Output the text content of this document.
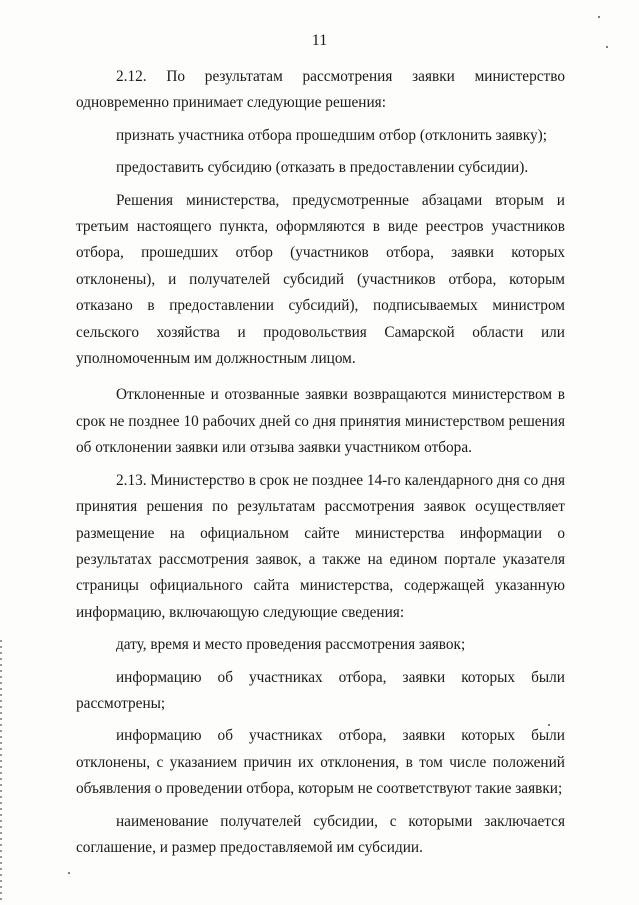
11

2.12. По результатам рассмотрения заявки министерство одновременно принимает следующие решения:

признать участника отбора прошедшим отбор (отклонить заявку);

предоставить субсидию (отказать в предоставлении субсидии).

Решения министерства, предусмотренные абзацами вторым и третьим настоящего пункта, оформляются в виде реестров участников отбора, прошедших отбор (участников отбора, заявки которых отклонены), и получателей субсидий (участников отбора, которым отказано в предоставлении субсидий), подписываемых министром сельского хозяйства и продовольствия Самарской области или уполномоченным им должностным лицом.

Отклоненные и отозванные заявки возвращаются министерством в срок не позднее 10 рабочих дней со дня принятия министерством решения об отклонении заявки или отзыва заявки участником отбора.

2.13. Министерство в срок не позднее 14-го календарного дня со дня принятия решения по результатам рассмотрения заявок осуществляет размещение на официальном сайте министерства информации о результатах рассмотрения заявок, а также на едином портале указателя страницы официального сайта министерства, содержащей указанную информацию, включающую следующие сведения:

дату, время и место проведения рассмотрения заявок;

информацию об участниках отбора, заявки которых были рассмотрены;

информацию об участниках отбора, заявки которых были отклонены, с указанием причин их отклонения, в том числе положений объявления о проведении отбора, которым не соответствуют такие заявки;

наименование получателей субсидии, с которыми заключается соглашение, и размер предоставляемой им субсидии.
